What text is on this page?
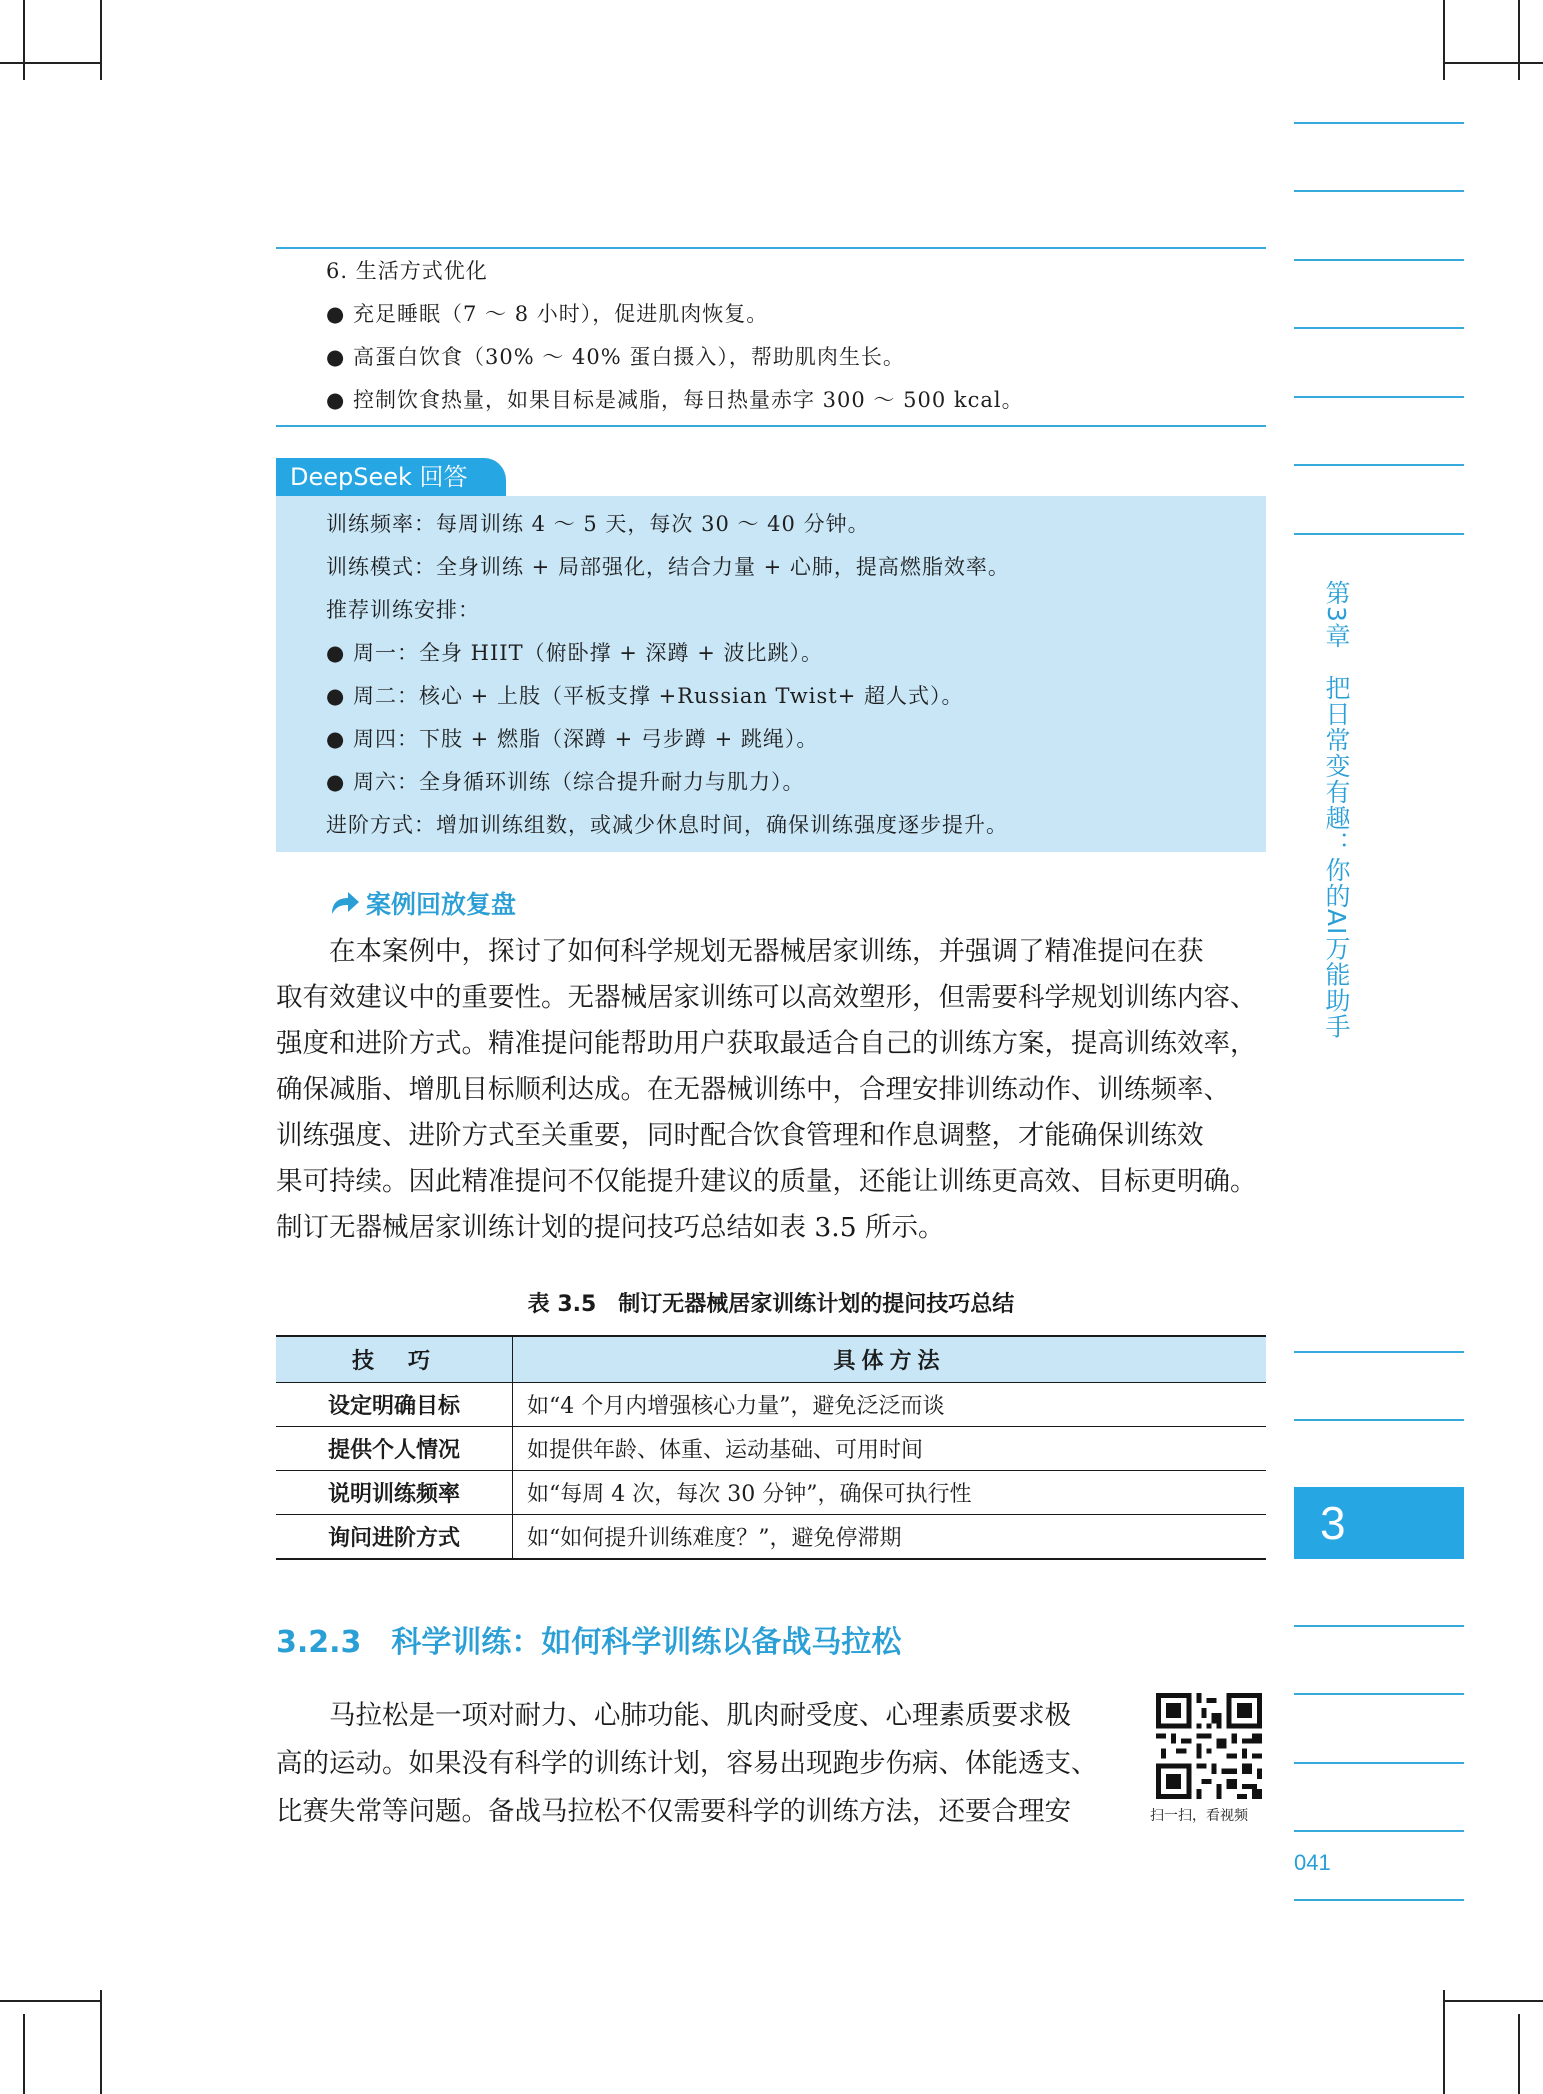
第3章　把日常变有趣：你的AI万能助手
3
041
6. 生活方式优化
● 充足睡眠（7 ～ 8 小时），促进肌肉恢复。
● 高蛋白饮食（30% ～ 40% 蛋白摄入），帮助肌肉生长。
● 控制饮食热量，如果目标是减脂，每日热量赤字 300 ～ 500 kcal。
DeepSeek 回答
训练频率：每周训练 4 ～ 5 天，每次 30 ～ 40 分钟。
训练模式：全身训练 + 局部强化，结合力量 + 心肺，提高燃脂效率。
推荐训练安排：
● 周一：全身 HIIT（俯卧撑 + 深蹲 + 波比跳）。
● 周二：核心 + 上肢（平板支撑 +Russian Twist+ 超人式）。
● 周四：下肢 + 燃脂（深蹲 + 弓步蹲 + 跳绳）。
● 周六：全身循环训练（综合提升耐力与肌力）。
进阶方式：增加训练组数，或减少休息时间，确保训练强度逐步提升。
案例回放复盘
　　在本案例中，探讨了如何科学规划无器械居家训练，并强调了精准提问在获
取有效建议中的重要性。无器械居家训练可以高效塑形，但需要科学规划训练内容、
强度和进阶方式。精准提问能帮助用户获取最适合自己的训练方案，提高训练效率，
确保减脂、增肌目标顺利达成。在无器械训练中，合理安排训练动作、训练频率、
训练强度、进阶方式至关重要，同时配合饮食管理和作息调整，才能确保训练效
果可持续。因此精准提问不仅能提升建议的质量，还能让训练更高效、目标更明确。
制订无器械居家训练计划的提问技巧总结如表 3.5 所示。
表 3.5　制订无器械居家训练计划的提问技巧总结
技　巧	具体方法
设定明确目标	如“4 个月内增强核心力量”，避免泛泛而谈
提供个人情况	如提供年龄、体重、运动基础、可用时间
说明训练频率	如“每周 4 次，每次 30 分钟”，确保可执行性
询问进阶方式	如“如何提升训练难度？”，避免停滞期
3.2.3 科学训练：如何科学训练以备战马拉松
　　马拉松是一项对耐力、心肺功能、肌肉耐受度、心理素质要求极
高的运动。如果没有科学的训练计划，容易出现跑步伤病、体能透支、
比赛失常等问题。备战马拉松不仅需要科学的训练方法，还要合理安	扫一扫，看视频
